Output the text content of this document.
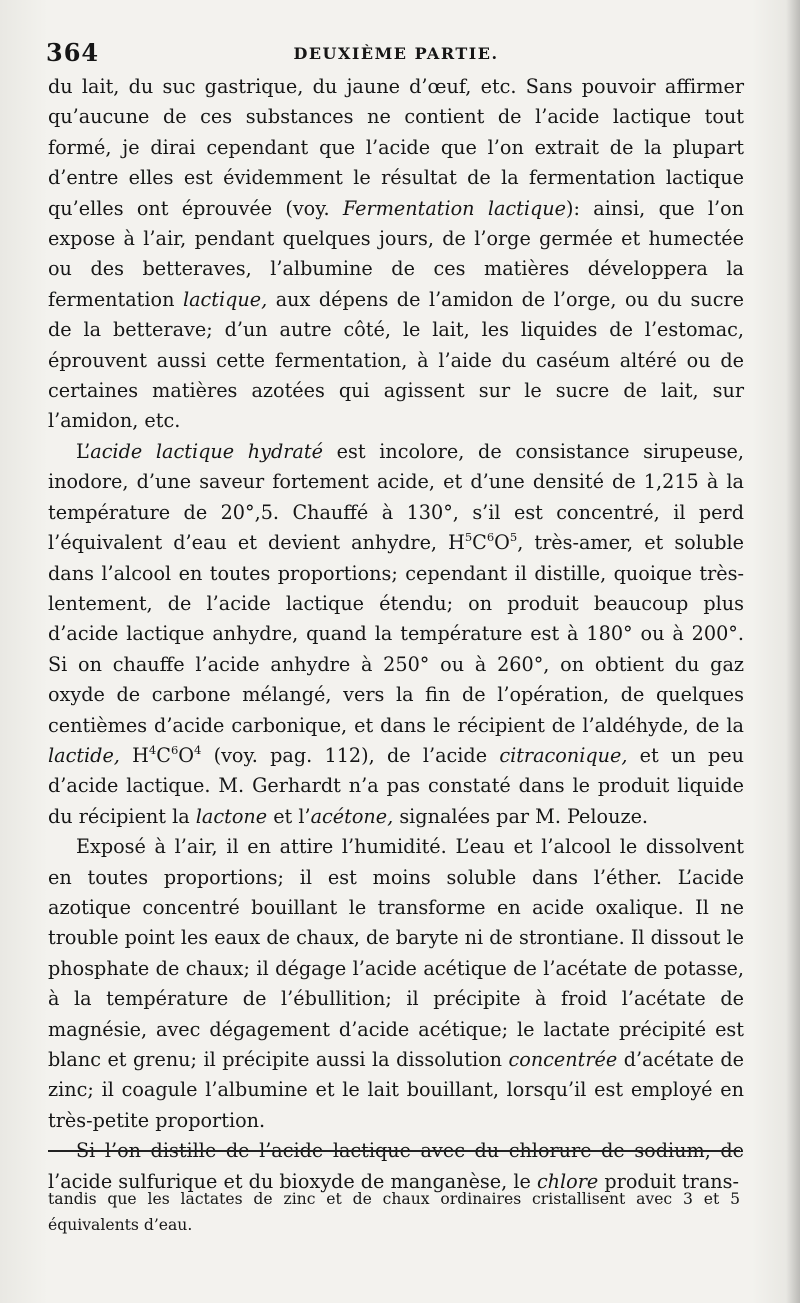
364	DEUXIÈME PARTIE.

du lait, du suc gastrique, du jaune d’œuf, etc. Sans pouvoir affirmer qu’aucune de ces substances ne contient de l’acide lactique tout formé, je dirai cependant que l’acide que l’on extrait de la plupart d’entre elles est évidemment le résultat de la fermentation lactique qu’elles ont éprouvée (voy. Fermentation lactique): ainsi, que l’on expose à l’air, pendant quelques jours, de l’orge germée et humectée ou des betteraves, l’albumine de ces matières développera la fermentation lactique, aux dépens de l’amidon de l’orge, ou du sucre de la betterave; d’un autre côté, le lait, les liquides de l’estomac, éprouvent aussi cette fermentation, à l’aide du caséum altéré ou de certaines matières azotées qui agissent sur le sucre de lait, sur l’amidon, etc.

L’acide lactique hydraté est incolore, de consistance sirupeuse, inodore, d’une saveur fortement acide, et d’une densité de 1,215 à la température de 20°,5. Chauffé à 130°, s’il est concentré, il perd l’équivalent d’eau et devient anhydre, $H^5C^6O^5$, très-amer, et soluble dans l’alcool en toutes proportions; cependant il distille, quoique très-lentement, de l’acide lactique étendu; on produit beaucoup plus d’acide lactique anhydre, quand la température est à 180° ou à 200°. Si on chauffe l’acide anhydre à 250° ou à 260°, on obtient du gaz oxyde de carbone mélangé, vers la fin de l’opération, de quelques centièmes d’acide carbonique, et dans le récipient de l’aldéhyde, de la lactide, $H^4C^6O^4$ (voy. pag. 112), de l’acide citraconique, et un peu d’acide lactique. M. Gerhardt n’a pas constaté dans le produit liquide du récipient la lactone et l’acétone, signalées par M. Pelouze.

Exposé à l’air, il en attire l’humidité. L’eau et l’alcool le dissolvent en toutes proportions; il est moins soluble dans l’éther. L’acide azotique concentré bouillant le transforme en acide oxalique. Il ne trouble point les eaux de chaux, de baryte ni de strontiane. Il dissout le phosphate de chaux; il dégage l’acide acétique de l’acétate de potasse, à la température de l’ébullition; il précipite à froid l’acétate de magnésie, avec dégagement d’acide acétique; le lactate précipité est blanc et grenu; il précipite aussi la dissolution concentrée d’acétate de zinc; il coagule l’albumine et le lait bouillant, lorsqu’il est employé en très-petite proportion.

Si l’on distille de l’acide lactique avec du chlorure de sodium, de l’acide sulfurique et du bioxyde de manganèse, le chlore produit trans-

tandis que les lactates de zinc et de chaux ordinaires cristallisent avec 3 et 5 équivalents d’eau.
